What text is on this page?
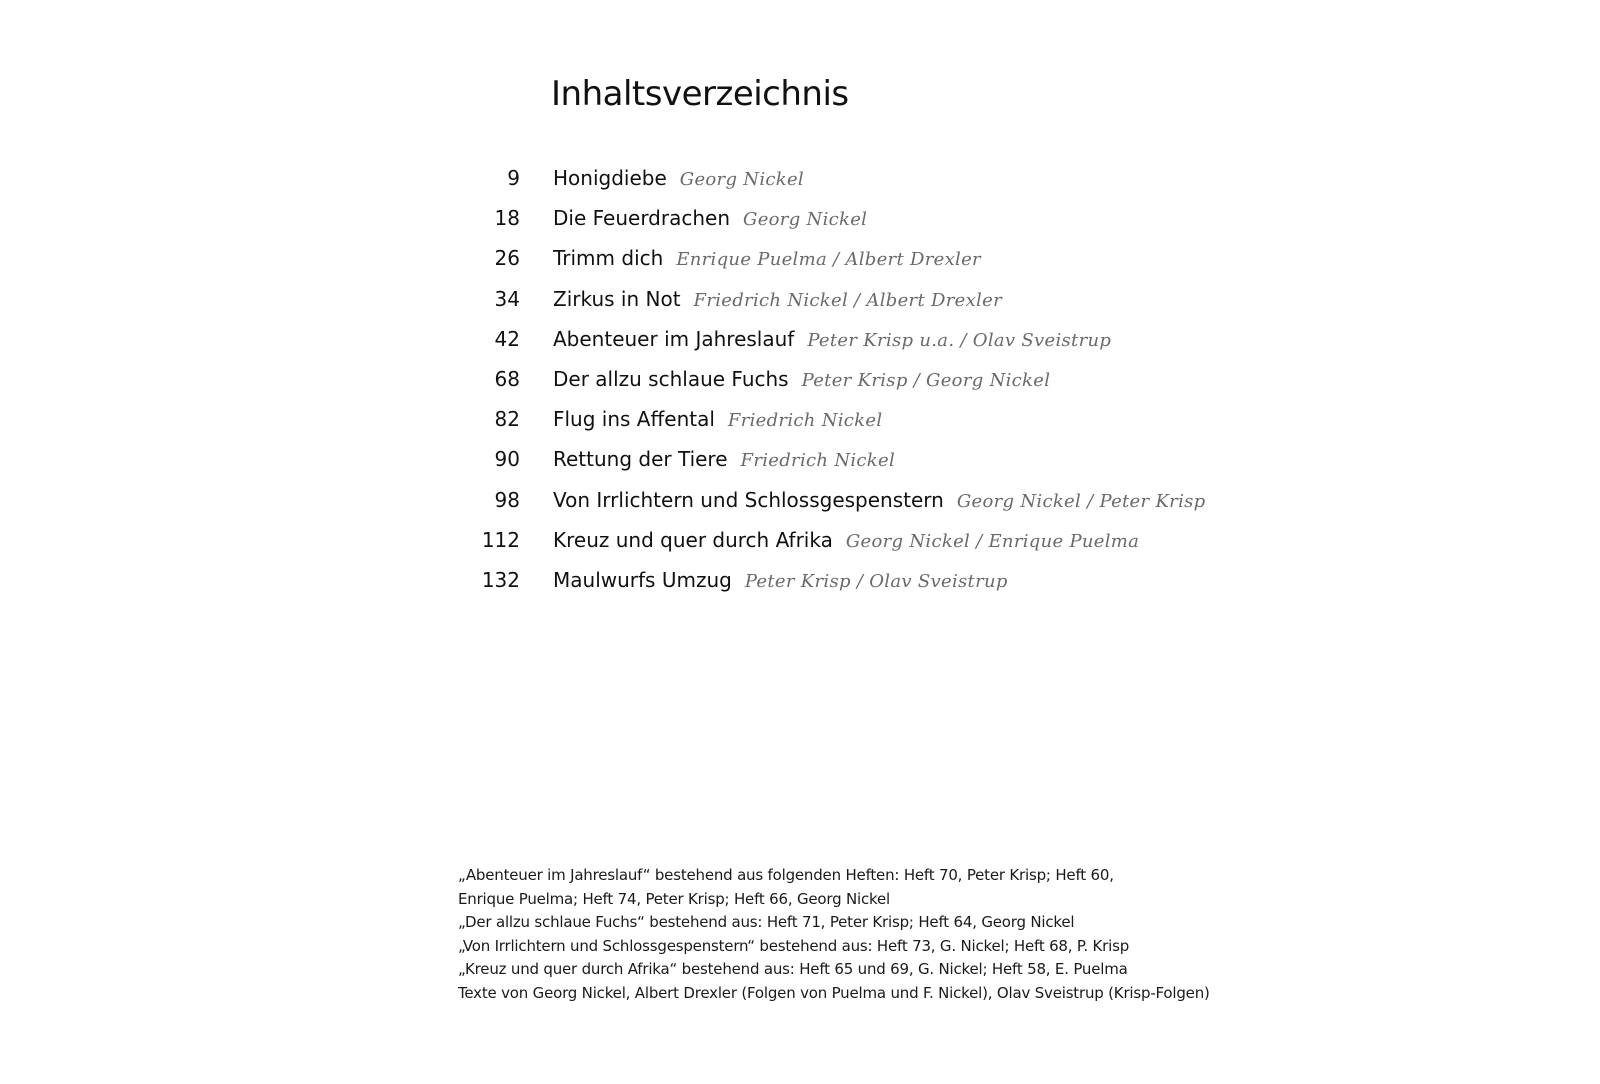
Inhaltsverzeichnis
9 Honigdiebe Georg Nickel
18 Die Feuerdrachen Georg Nickel
26 Trimm dich Enrique Puelma / Albert Drexler
34 Zirkus in Not Friedrich Nickel / Albert Drexler
42 Abenteuer im Jahreslauf Peter Krisp u.a. / Olav Sveistrup
68 Der allzu schlaue Fuchs Peter Krisp / Georg Nickel
82 Flug ins Affental Friedrich Nickel
90 Rettung der Tiere Friedrich Nickel
98 Von Irrlichtern und Schlossgespenstern Georg Nickel / Peter Krisp
112 Kreuz und quer durch Afrika Georg Nickel / Enrique Puelma
132 Maulwurfs Umzug Peter Krisp / Olav Sveistrup
„Abenteuer im Jahreslauf“ bestehend aus folgenden Heften: Heft 70, Peter Krisp; Heft 60,
Enrique Puelma; Heft 74, Peter Krisp; Heft 66, Georg Nickel
„Der allzu schlaue Fuchs“ bestehend aus: Heft 71, Peter Krisp; Heft 64, Georg Nickel
„Von Irrlichtern und Schlossgespenstern“ bestehend aus: Heft 73, G. Nickel; Heft 68, P. Krisp
„Kreuz und quer durch Afrika“ bestehend aus: Heft 65 und 69, G. Nickel; Heft 58, E. Puelma
Texte von Georg Nickel, Albert Drexler (Folgen von Puelma und F. Nickel), Olav Sveistrup (Krisp-Folgen)
